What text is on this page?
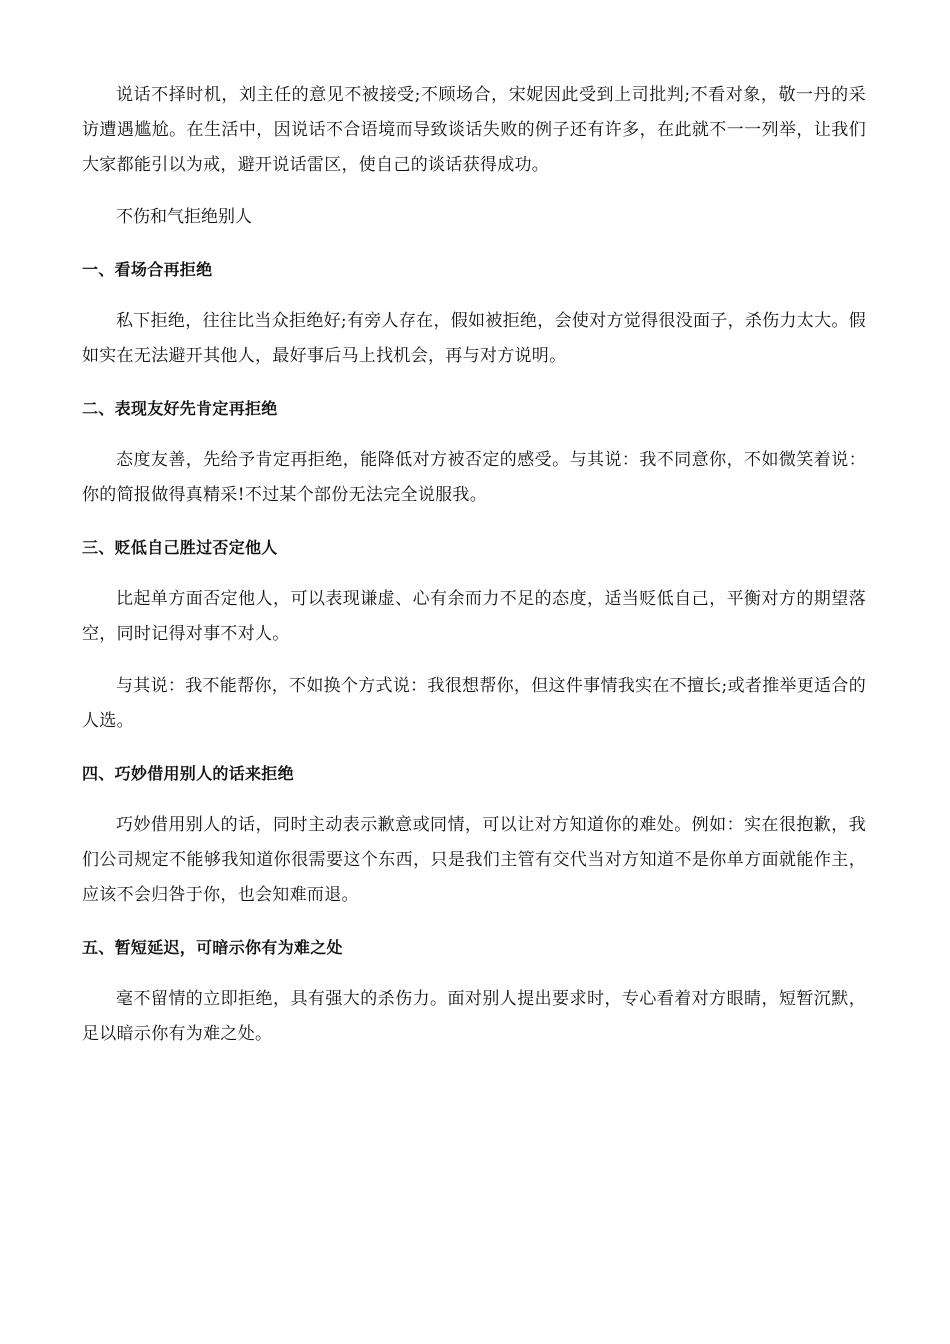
说话不择时机，刘主任的意见不被接受;不顾场合，宋妮因此受到上司批判;不看对象，敬一丹的采访遭遇尴尬。在生活中，因说话不合语境而导致谈话失败的例子还有许多，在此就不一一列举，让我们大家都能引以为戒，避开说话雷区，使自己的谈话获得成功。

不伤和气拒绝别人

一、看场合再拒绝

私下拒绝，往往比当众拒绝好;有旁人存在，假如被拒绝，会使对方觉得很没面子，杀伤力太大。假如实在无法避开其他人，最好事后马上找机会，再与对方说明。

二、表现友好先肯定再拒绝

态度友善，先给予肯定再拒绝，能降低对方被否定的感受。与其说：我不同意你，不如微笑着说：你的简报做得真精采!不过某个部份无法完全说服我。

三、贬低自己胜过否定他人

比起单方面否定他人，可以表现谦虚、心有余而力不足的态度，适当贬低自己，平衡对方的期望落空，同时记得对事不对人。

与其说：我不能帮你，不如换个方式说：我很想帮你，但这件事情我实在不擅长;或者推举更适合的人选。

四、巧妙借用别人的话来拒绝

巧妙借用别人的话，同时主动表示歉意或同情，可以让对方知道你的难处。例如：实在很抱歉，我们公司规定不能够我知道你很需要这个东西，只是我们主管有交代当对方知道不是你单方面就能作主，应该不会归咎于你，也会知难而退。

五、暂短延迟，可暗示你有为难之处

毫不留情的立即拒绝，具有强大的杀伤力。面对别人提出要求时，专心看着对方眼睛，短暂沉默，足以暗示你有为难之处。
